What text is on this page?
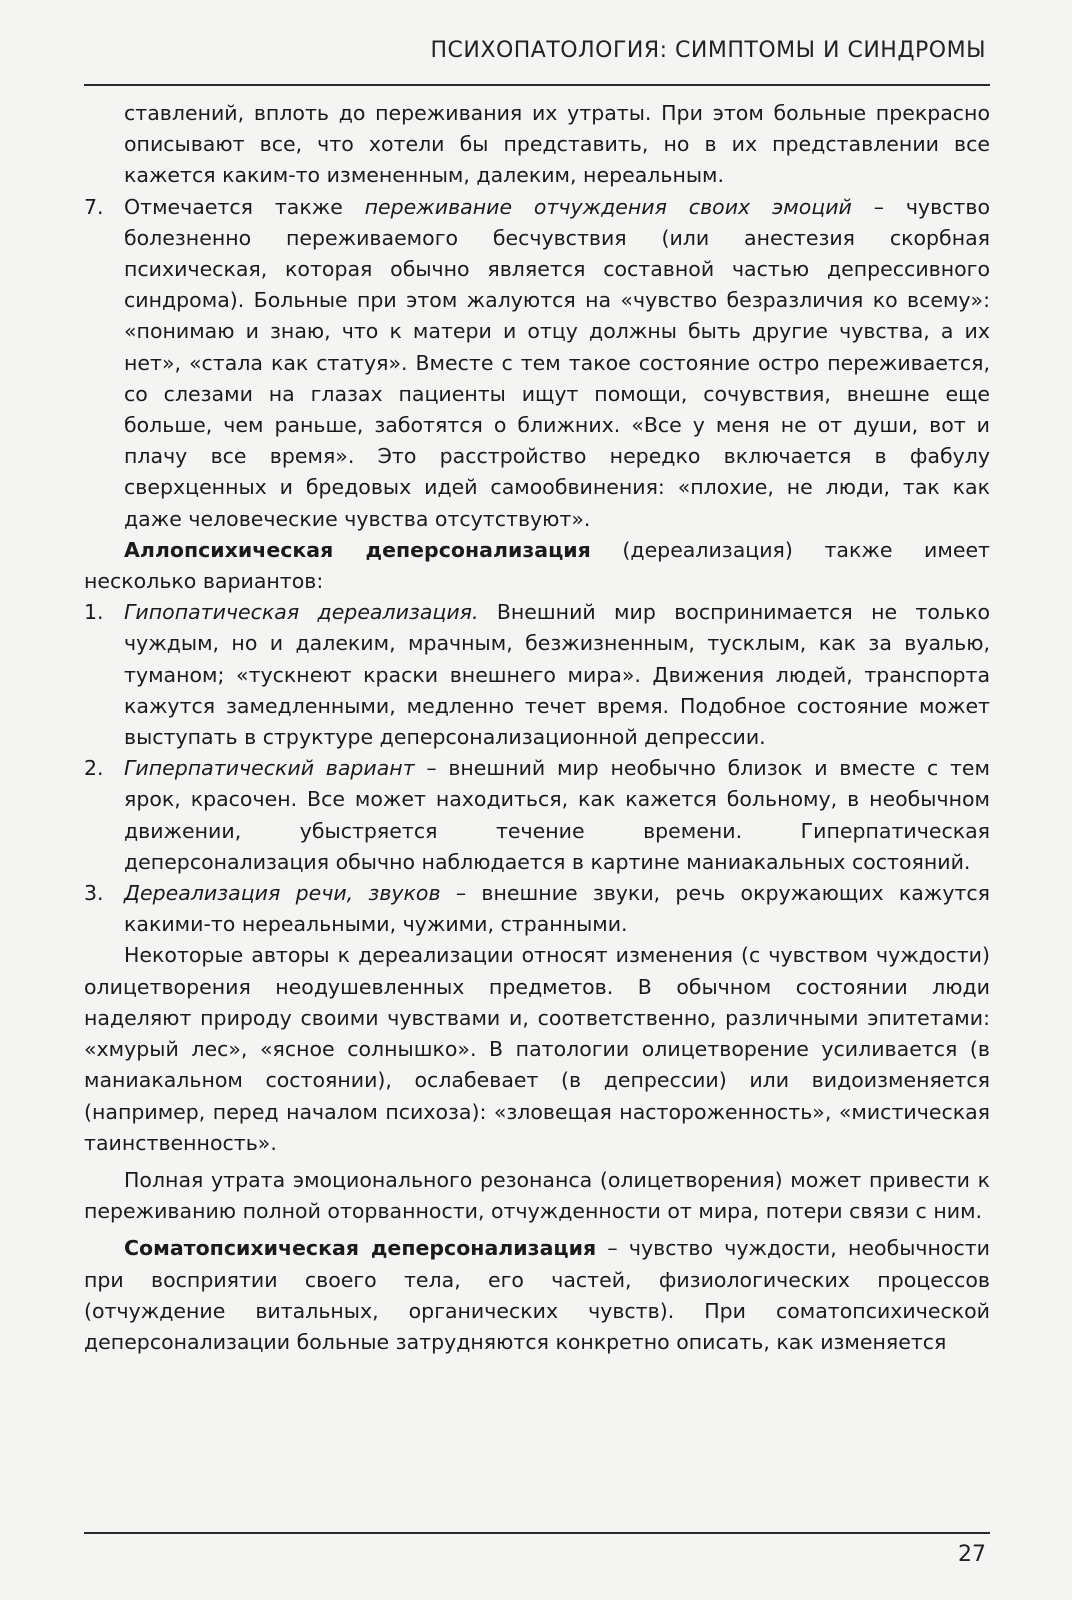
ПСИХОПАТОЛОГИЯ: СИМПТОМЫ И СИНДРОМЫ

ставлений, вплоть до переживания их утраты. При этом больные прекрасно описывают все, что хотели бы представить, но в их представлении все кажется каким-то измененным, далеким, нереальным.

7. Отмечается также переживание отчуждения своих эмоций – чувство болезненно переживаемого бесчувствия (или анестезия скорбная психическая, которая обычно является составной частью депрессивного синдрома). Больные при этом жалуются на «чувство безразличия ко всему»: «понимаю и знаю, что к матери и отцу должны быть другие чувства, а их нет», «стала как статуя». Вместе с тем такое состояние остро переживается, со слезами на глазах пациенты ищут помощи, сочувствия, внешне еще больше, чем раньше, заботятся о ближних. «Все у меня не от души, вот и плачу все время». Это расстройство нередко включается в фабулу сверхценных и бредовых идей самообвинения: «плохие, не люди, так как даже человеческие чувства отсутствуют».

Аллопсихическая деперсонализация (дереализация) также имеет несколько вариантов:

1. Гипопатическая дереализация. Внешний мир воспринимается не только чуждым, но и далеким, мрачным, безжизненным, тусклым, как за вуалью, туманом; «тускнеют краски внешнего мира». Движения людей, транспорта кажутся замедленными, медленно течет время. Подобное состояние может выступать в структуре деперсонализационной депрессии.

2. Гиперпатический вариант – внешний мир необычно близок и вместе с тем ярок, красочен. Все может находиться, как кажется больному, в необычном движении, убыстряется течение времени. Гиперпатическая деперсонализация обычно наблюдается в картине маниакальных состояний.

3. Дереализация речи, звуков – внешние звуки, речь окружающих кажутся какими-то нереальными, чужими, странными.

Некоторые авторы к дереализации относят изменения (с чувством чуждости) олицетворения неодушевленных предметов. В обычном состоянии люди наделяют природу своими чувствами и, соответственно, различными эпитетами: «хмурый лес», «ясное солнышко». В патологии олицетворение усиливается (в маниакальном состоянии), ослабевает (в депрессии) или видоизменяется (например, перед началом психоза): «зловещая настороженность», «мистическая таинственность».

Полная утрата эмоционального резонанса (олицетворения) может привести к переживанию полной оторванности, отчужденности от мира, потери связи с ним.

Соматопсихическая деперсонализация – чувство чуждости, необычности при восприятии своего тела, его частей, физиологических процессов (отчуждение витальных, органических чувств). При соматопсихической деперсонализации больные затрудняются конкретно описать, как изменяется

27
